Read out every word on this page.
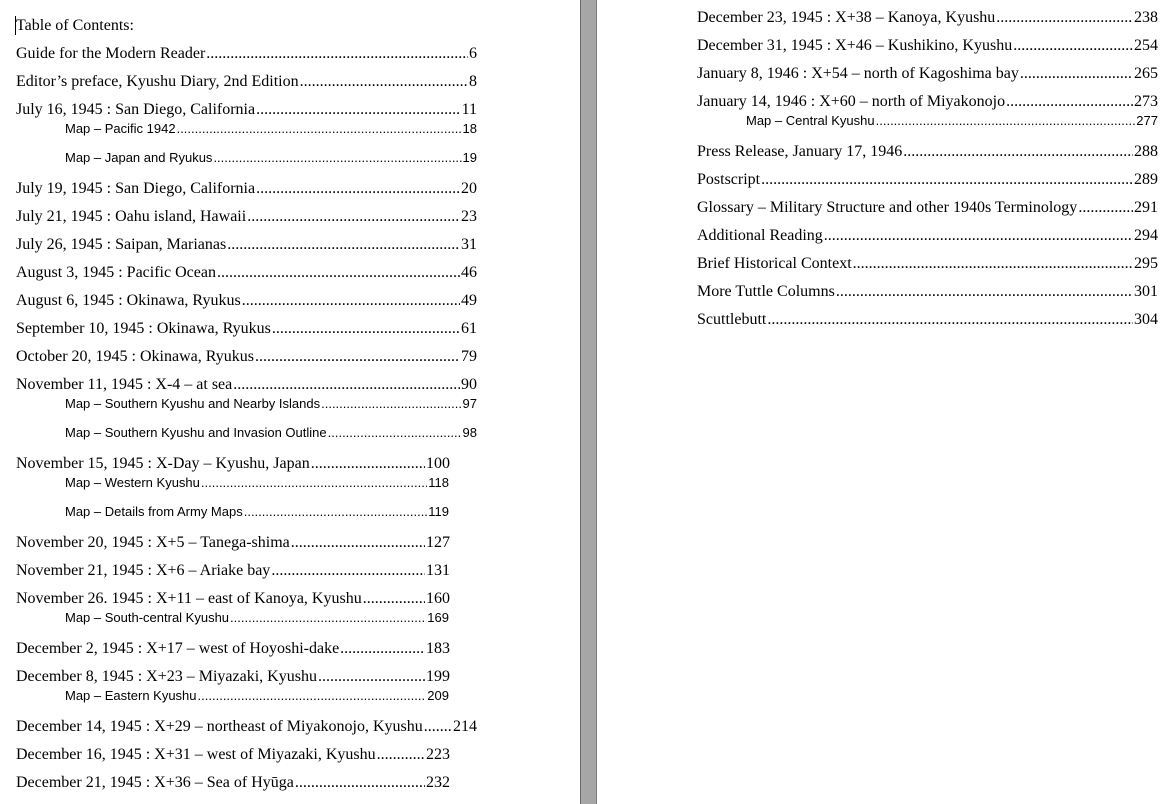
Table of Contents:
Guide for the Modern Reader .....	6
Editor’s preface, Kyushu Diary, 2nd Edition .....	8
July 16, 1945 : San Diego, California .....	11
Map – Pacific 1942 .....	18
Map – Japan and Ryukus .....	19
July 19, 1945 : San Diego, California .....	20
July 21, 1945 : Oahu island, Hawaii .....	23
July 26, 1945 : Saipan, Marianas .....	31
August 3, 1945 : Pacific Ocean .....	46
August 6, 1945 : Okinawa, Ryukus .....	49
September 10, 1945 : Okinawa, Ryukus .....	61
October 20, 1945 : Okinawa, Ryukus .....	79
November 11, 1945 : X-4 – at sea .....	90
Map – Southern Kyushu and Nearby Islands .....	97
Map – Southern Kyushu and Invasion Outline .....	98
November 15, 1945 : X-Day – Kyushu, Japan .....	100
Map – Western Kyushu .....	118
Map – Details from Army Maps .....	119
November 20, 1945 : X+5 – Tanega-shima .....	127
November 21, 1945 : X+6 – Ariake bay .....	131
November 26. 1945 : X+11 – east of Kanoya, Kyushu .....	160
Map – South-central Kyushu .....	169
December 2, 1945 : X+17 – west of Hoyoshi-dake .....	183
December 8, 1945 : X+23 – Miyazaki, Kyushu .....	199
Map – Eastern Kyushu .....	209
December 14, 1945 : X+29 – northeast of Miyakonojo, Kyushu ..... 214
December 16, 1945 : X+31 – west of Miyazaki, Kyushu .....	223
December 21, 1945 : X+36 – Sea of Hyūga .....	232
December 23, 1945 : X+38 – Kanoya, Kyushu .....	238
December 31, 1945 : X+46 – Kushikino, Kyushu .....	254
January 8, 1946 : X+54 – north of Kagoshima bay .....	265
January 14, 1946 : X+60 – north of Miyakonojo .....	273
Map – Central Kyushu .....	277
Press Release, January 17, 1946 .....	288
Postscript .....	289
Glossary – Military Structure and other 1940s Terminology .....	291
Additional Reading .....	294
Brief Historical Context .....	295
More Tuttle Columns .....	301
Scuttlebutt .....	304
